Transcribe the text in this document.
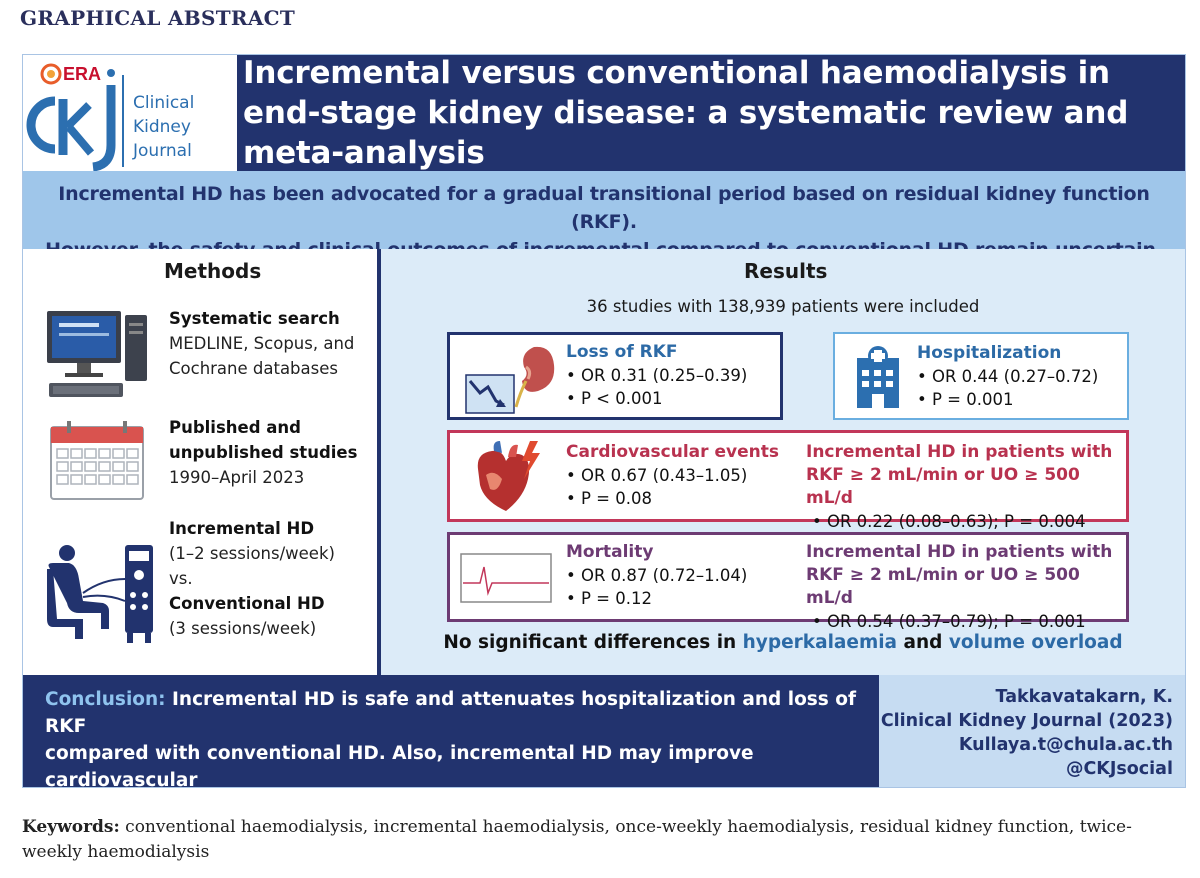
GRAPHICAL ABSTRACT
ERA
Clinical
Kidney
Journal
Incremental versus conventional haemodialysis in end-stage kidney disease: a systematic review and meta-analysis
Incremental HD has been advocated for a gradual transitional period based on residual kidney function (RKF).
Methods
Systematic search
MEDLINE, Scopus, and
Cochrane databases
Published and
unpublished studies
1990–April 2023
Incremental HD
(1–2 sessions/week)
vs.
Conventional HD
(3 sessions/week)
Results
36 studies with 138,939 patients were included
Loss of RKF
• OR 0.31 (0.25–0.39)
• P < 0.001
Hospitalization
• OR 0.44 (0.27–0.72)
• P = 0.001
Cardiovascular events
• OR 0.67 (0.43–1.05)
• P = 0.08
Incremental HD in patients with
RKF ≥ 2 mL/min or UO ≥ 500 mL/d
• OR 0.22 (0.08–0.63); P = 0.004
Mortality
• OR 0.87 (0.72–1.04)
• P = 0.12
Incremental HD in patients with
RKF ≥ 2 mL/min or UO ≥ 500 mL/d
• OR 0.54 (0.37–0.79); P = 0.001
No significant differences in hyperkalaemia and volume overload
Conclusion: Incremental HD is safe and attenuates hospitalization and loss of RKF
compared with conventional HD. Also, incremental HD may improve cardiovascular
outcomes and mortality in appropriately selected patients.
Takkavatakarn, K.
Clinical Kidney Journal (2023)
Kullaya.t@chula.ac.th
@CKJsocial
Keywords: conventional haemodialysis, incremental haemodialysis, once-weekly haemodialysis, residual kidney function, twice-weekly haemodialysis
